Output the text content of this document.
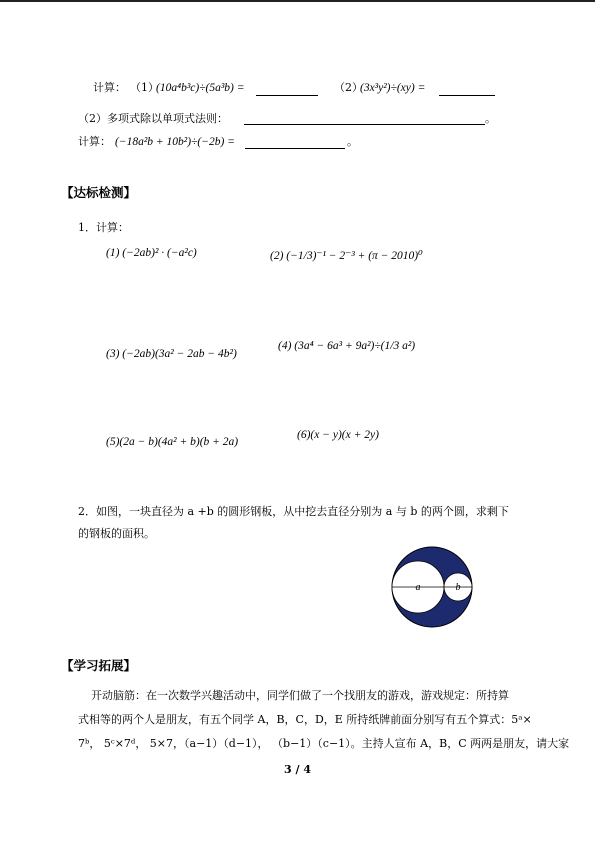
计算： （1）
(10a⁴b³c)÷(5a³b) =	（2）
(3x³y²)÷(xy) =
（2）多项式除以单项式法则：	。
计算： (−18a²b + 10b²)÷(−2b) =	。
【达标检测】
1．计算：
(1) (−2ab)² · (−a²c)	(2) (−1/3)⁻¹ − 2⁻³ + (π − 2010)⁰
(3) (−2ab)(3a² − 2ab − 4b²)
(4) (3a⁴ − 6a³ + 9a²)÷(1/3 a²)
(5)(2a − b)(4a² + b)(b + 2a)
(6)(x − y)(x + 2y)
2．如图，一块直径为 a +b 的圆形钢板，从中挖去直径分别为 a 与 b 的两个圆，求剩下
的钢板的面积。
a	b
【学习拓展】
开动脑筋：在一次数学兴趣活动中，同学们做了一个找朋友的游戏，游戏规定：所持算
式相等的两个人是朋友，有五个同学 A，B，C，D，E 所持纸牌前面分别写有五个算式：5ᵃ×
7ᵇ， 5ᶜ×7ᵈ， 5×7，（a−1）（d−1）， （b−1）（c−1）。主持人宣布 A，B，C 两两是朋友，请大家
3 / 4
